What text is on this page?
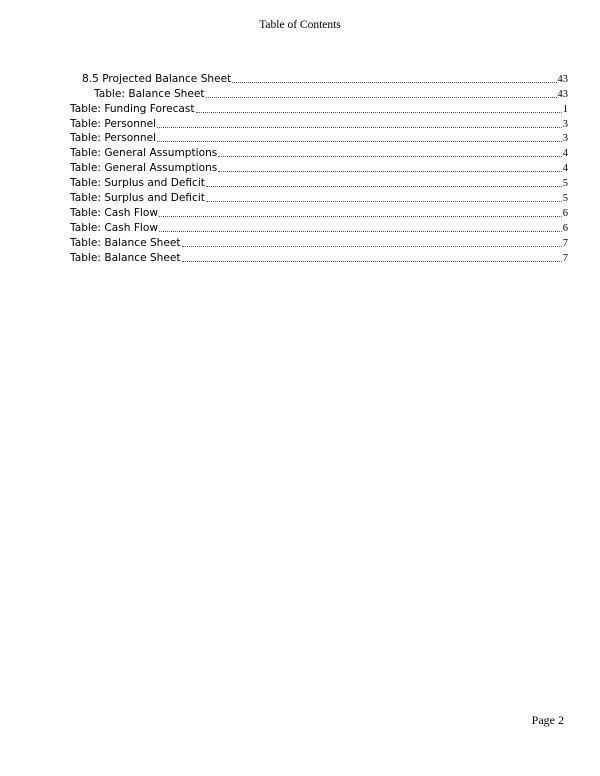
Table of Contents
8.5 Projected Balance Sheet	43
Table: Balance Sheet	43
Table: Funding Forecast	1
Table: Personnel	3
Table: Personnel	3
Table: General Assumptions	4
Table: General Assumptions	4
Table: Surplus and Deficit	5
Table: Surplus and Deficit	5
Table: Cash Flow	6
Table: Cash Flow	6
Table: Balance Sheet	7
Table: Balance Sheet	7
Page 2
